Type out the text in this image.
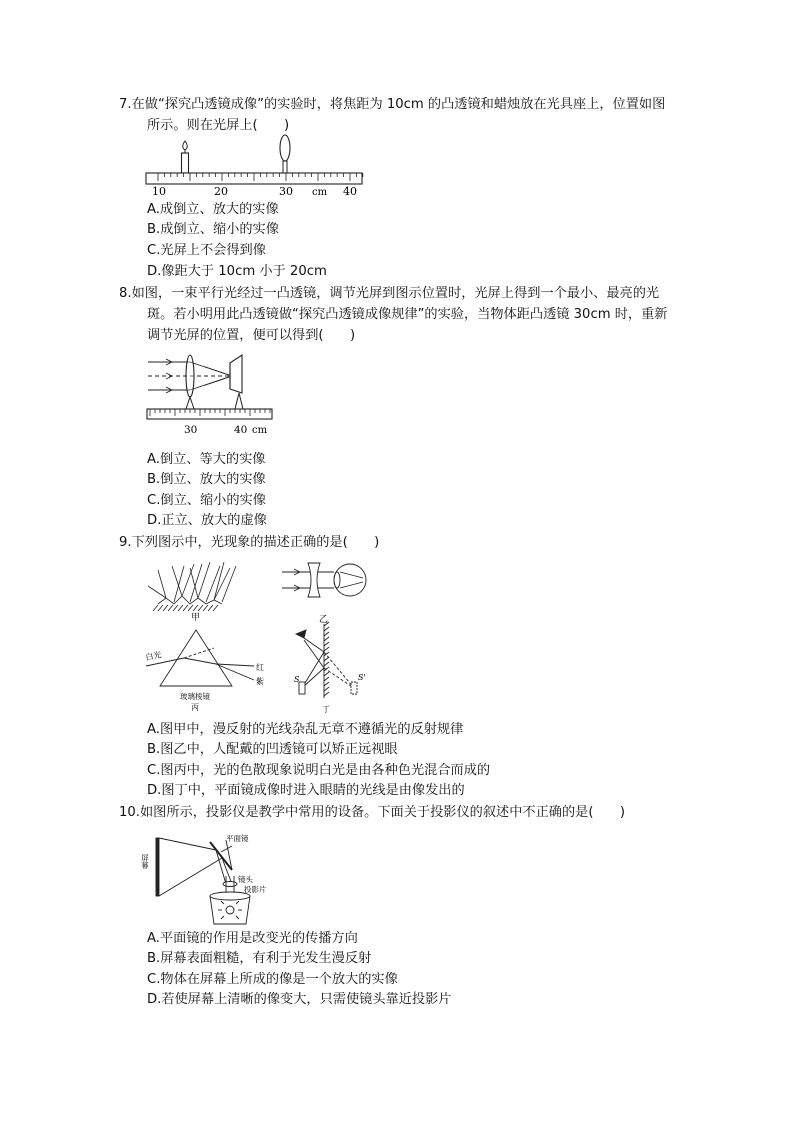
7.在做“探究凸透镜成像”的实验时，将焦距为 10cm 的凸透镜和蜡烛放在光具座上，位置如图

所示。则在光屏上(　　)

10	20	30 cm 40
A.成倒立、放大的实像
B.成倒立、缩小的实像
C.光屏上不会得到像
D.像距大于 10cm 小于 20cm

8.如图，一束平行光经过一凸透镜，调节光屏到图示位置时，光屏上得到一个最小、最亮的光

斑。若小明用此凸透镜做“探究凸透镜成像规律”的实验，当物体距凸透镜 30cm 时，重新

调节光屏的位置，便可以得到(　　)

30	40 cm
A.倒立、等大的实像
B.倒立、放大的实像
C.倒立、缩小的实像
D.正立、放大的虚像

9.下列图示中，光现象的描述正确的是(　　)

甲	乙
白光
红
紫
玻璃棱镜
丙
S	S'
丁
A.图甲中，漫反射的光线杂乱无章不遵循光的反射规律
B.图乙中，人配戴的凹透镜可以矫正远视眼
C.图丙中，光的色散现象说明白光是由各种色光混合而成的
D.图丁中，平面镜成像时进入眼睛的光线是由像发出的

10.如图所示，投影仪是教学中常用的设备。下面关于投影仪的叙述中不正确的是(　　)

屏幕
平面镜
镜头
投影片
A.平面镜的作用是改变光的传播方向
B.屏幕表面粗糙，有利于光发生漫反射
C.物体在屏幕上所成的像是一个放大的实像
D.若使屏幕上清晰的像变大，只需使镜头靠近投影片
